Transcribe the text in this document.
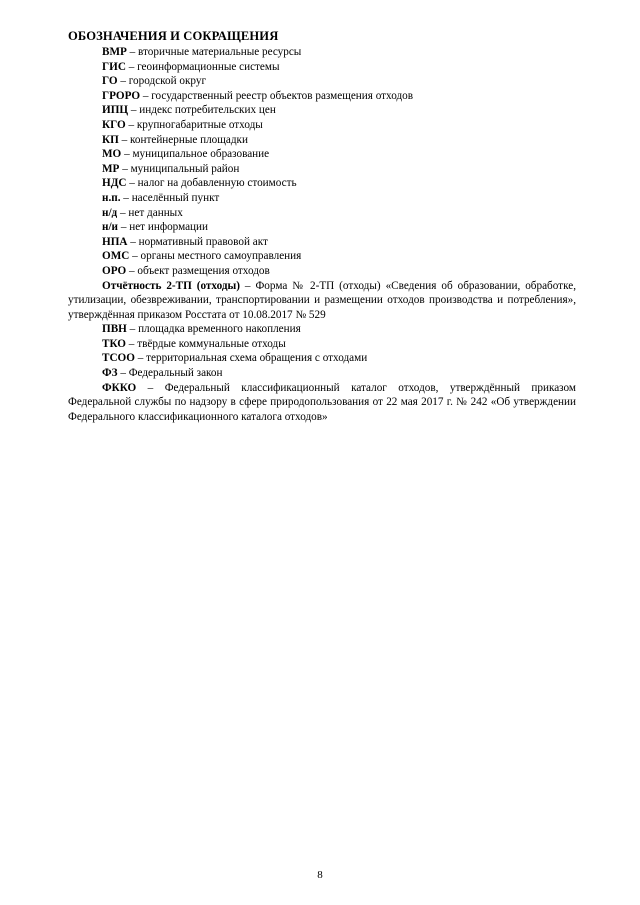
ОБОЗНАЧЕНИЯ И СОКРАЩЕНИЯ

ВМР – вторичные материальные ресурсы

ГИС – геоинформационные системы

ГО – городской округ

ГРОРО – государственный реестр объектов размещения отходов

ИПЦ – индекс потребительских цен

КГО – крупногабаритные отходы

КП – контейнерные площадки

МО – муниципальное образование

МР – муниципальный район

НДС – налог на добавленную стоимость

н.п. – населённый пункт

н/д – нет данных

н/и – нет информации

НПА – нормативный правовой акт

ОМС – органы местного самоуправления

ОРО – объект размещения отходов

Отчётность 2-ТП (отходы) – Форма № 2-ТП (отходы) «Сведения об образовании, обработке, утилизации, обезвреживании, транспортировании и размещении отходов производства и потребления», утверждённая приказом Росстата от 10.08.2017 № 529

ПВН – площадка временного накопления

ТКО – твёрдые коммунальные отходы

ТСОО – территориальная схема обращения с отходами

ФЗ – Федеральный закон

ФККО – Федеральный классификационный каталог отходов, утверждённый приказом Федеральной службы по надзору в сфере природопользования от 22 мая 2017 г. № 242 «Об утверждении Федерального классификационного каталога отходов»

8
